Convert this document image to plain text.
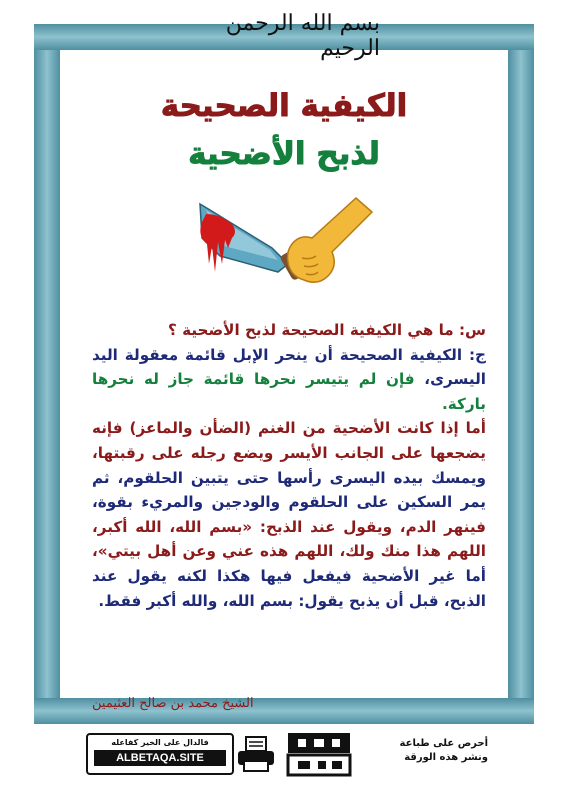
بسم الله الرحمن الرحيم
الكيفية الصحيحة
لذبح الأضحية

س: ما هي الكيفية الصحيحة لذبح الأضحية ؟

ج: الكيفية الصحيحة أن ينحر الإبل قائمة معقولة اليد اليسرى، فإن لم يتيسر نحرها قائمة جاز له نحرها باركة.

أما إذا كانت الأضحية من الغنم (الضأن والماعز) فإنه يضجعها على الجانب الأيسر ويضع رجله على رقبتها، ويمسك بيده اليسرى رأسها حتى يتبين الحلقوم، ثم يمر السكين على الحلقوم والودجين والمريء بقوة، فينهر الدم، ويقول عند الذبح: «بسم الله، الله أكبر، اللهم هذا منك ولك، اللهم هذه عني وعن أهل بيتي»، أما غير الأضحية فيفعل فيها هكذا لكنه يقول عند الذبح، قبل أن يذبح يقول: بسم الله، والله أكبر فقط.

الشيخ محمد بن صالح العثيمين
فالدال على الخير كفاعله
ALBETAQA.SITE
أحرص على طباعة
ونشر هذه الورقة
